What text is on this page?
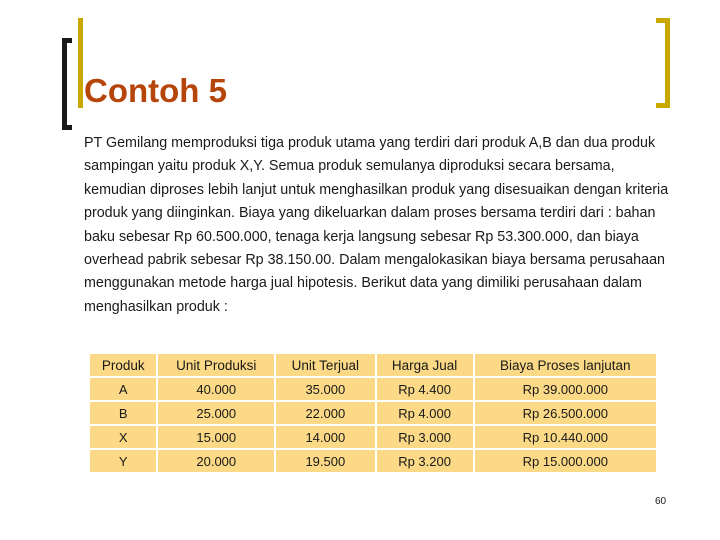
Contoh 5

PT Gemilang memproduksi tiga produk utama yang terdiri dari produk A,B dan dua produk sampingan yaitu produk X,Y. Semua produk semulanya diproduksi secara bersama, kemudian diproses lebih lanjut untuk menghasilkan produk yang disesuaikan dengan kriteria produk yang diinginkan. Biaya yang dikeluarkan dalam proses bersama terdiri dari : bahan baku sebesar Rp 60.500.000, tenaga kerja langsung sebesar Rp 53.300.000, dan biaya overhead pabrik sebesar Rp 38.150.00. Dalam mengalokasikan biaya bersama perusahaan menggunakan metode harga jual hipotesis. Berikut data yang dimiliki perusahaan dalam menghasilkan produk :

Produk	Unit Produksi	Unit Terjual	Harga Jual	Biaya Proses lanjutan
A	40.000	35.000	Rp 4.400	Rp 39.000.000
B	25.000	22.000	Rp 4.000	Rp 26.500.000
X	15.000	14.000	Rp 3.000	Rp 10.440.000
Y	20.000	19.500	Rp 3.200	Rp 15.000.000
60
